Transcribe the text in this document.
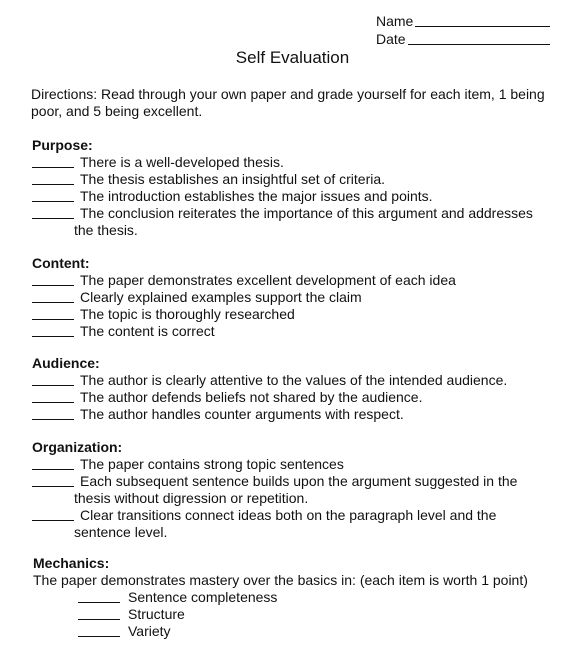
Name
Date
Self Evaluation
Directions: Read through your own paper and grade yourself for each item, 1 being poor, and 5 being excellent.
Purpose:
There is a well-developed thesis.
The thesis establishes an insightful set of criteria.
The introduction establishes the major issues and points.
The conclusion reiterates the importance of this argument and addresses
the thesis.
Content:
The paper demonstrates excellent development of each idea
Clearly explained examples support the claim
The topic is thoroughly researched
The content is correct
Audience:
The author is clearly attentive to the values of the intended audience.
The author defends beliefs not shared by the audience.
The author handles counter arguments with respect.
Organization:
The paper contains strong topic sentences
Each subsequent sentence builds upon the argument suggested in the
thesis without digression or repetition.
Clear transitions connect ideas both on the paragraph level and the
sentence level.
Mechanics:
The paper demonstrates mastery over the basics in: (each item is worth 1 point)
Sentence completeness
Structure
Variety
